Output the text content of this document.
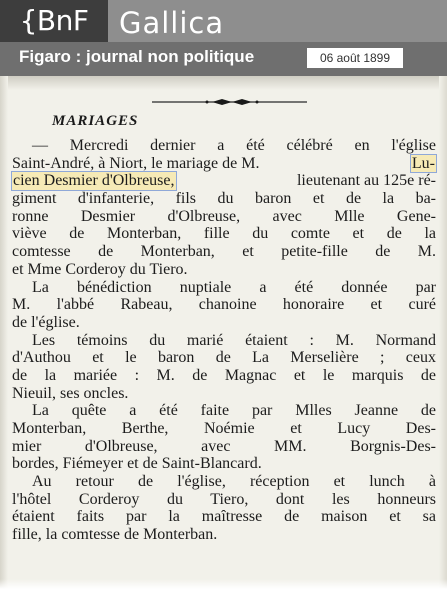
{BnF	Gallica
Figaro : journal non politique	06 août 1899
MARIAGES
— Mercredi dernier a été célébré en l'église
Saint-André, à Niort, le mariage de M.	Lu-
cien Desmier d'Olbreuse,	lieutenant au 125e ré-
giment d'infanterie, fils du baron et de la ba-
ronne Desmier d'Olbreuse, avec Mlle Gene-
viève de Monterban, fille du comte et de la
comtesse de Monterban, et petite-fille de M.
et Mme Corderoy du Tiero.
La bénédiction nuptiale a été donnée par
M. l'abbé Rabeau, chanoine honoraire et curé
de l'église.
Les témoins du marié étaient : M. Normand
d'Authou et le baron de La Merselière ; ceux
de la mariée : M. de Magnac et le marquis de
Nieuil, ses oncles.
La quête a été faite par Mlles Jeanne de
Monterban, Berthe, Noémie et Lucy Des-
mier d'Olbreuse, avec MM. Borgnis-Des-
bordes, Fiémeyer et de Saint-Blancard.
Au retour de l'église, réception et lunch à
l'hôtel Corderoy du Tiero, dont les honneurs
étaient faits par la maîtresse de maison et sa
fille, la comtesse de Monterban.
